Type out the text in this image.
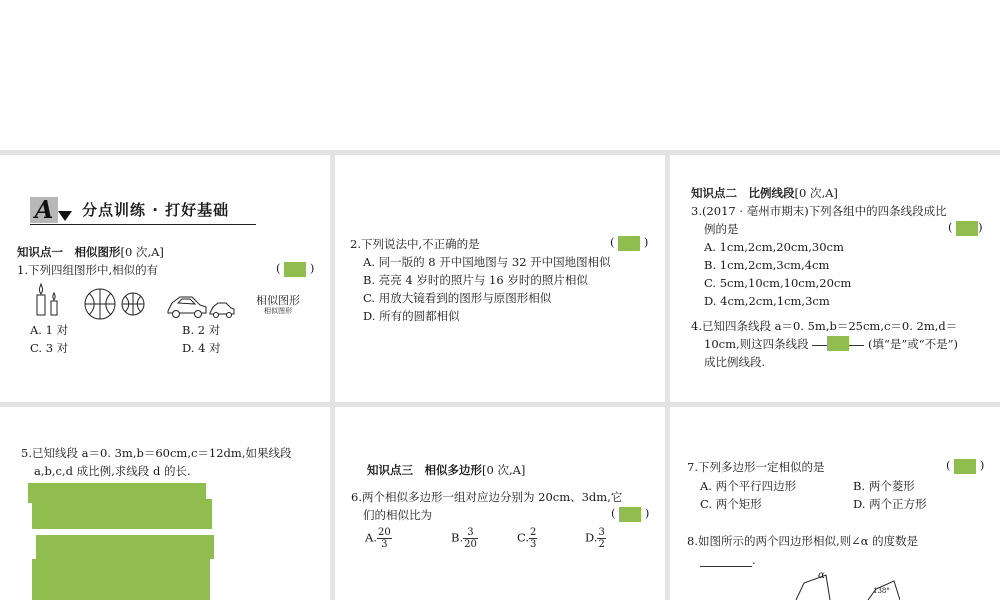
A	分点训练 · 打好基础
知识点一　相似图形[0 次,A]
1.下列四组图形中,相似的有	(	)
相似图形
相似图形
A. 1 对	B. 2 对
C. 3 对	D. 4 对
2.下列说法中,不正确的是	(	)
A. 同一版的 8 开中国地图与 32 开中国地图相似
B. 亮亮 4 岁时的照片与 16 岁时的照片相似
C. 用放大镜看到的图形与原图形相似
D. 所有的圆都相似
知识点二　比例线段[0 次,A]
3.(2017 · 亳州市期末)下列各组中的四条线段成比
例的是	( )
A. 1cm,2cm,20cm,30cm
B. 1cm,2cm,3cm,4cm
C. 5cm,10cm,10cm,20cm
D. 4cm,2cm,1cm,3cm
4.已知四条线段 a＝0. 5m,b＝25cm,c＝0. 2m,d＝
10cm,则这四条线段	(填“是”或“不是”)
成比例线段.
5.已知线段 a＝0. 3m,b＝60cm,c＝12dm,如果线段
a,b,c,d 成比例,求线段 d 的长.	知识点三　相似多边形[0 次,A]
6.两个相似多边形一组对应边分别为 20cm、3dm,它
们的相似比为	(	)
A. $\frac{20}{3}$	B. $\frac{3}{20}$	C. $\frac{2}{3}$	D. $\frac{3}{2}$
7.下列多边形一定相似的是	(	)
A. 两个平行四边形	B. 两个菱形
C. 两个矩形	D. 两个正方形
8.如图所示的两个四边形相似,则∠α 的度数是
.
α
138°
